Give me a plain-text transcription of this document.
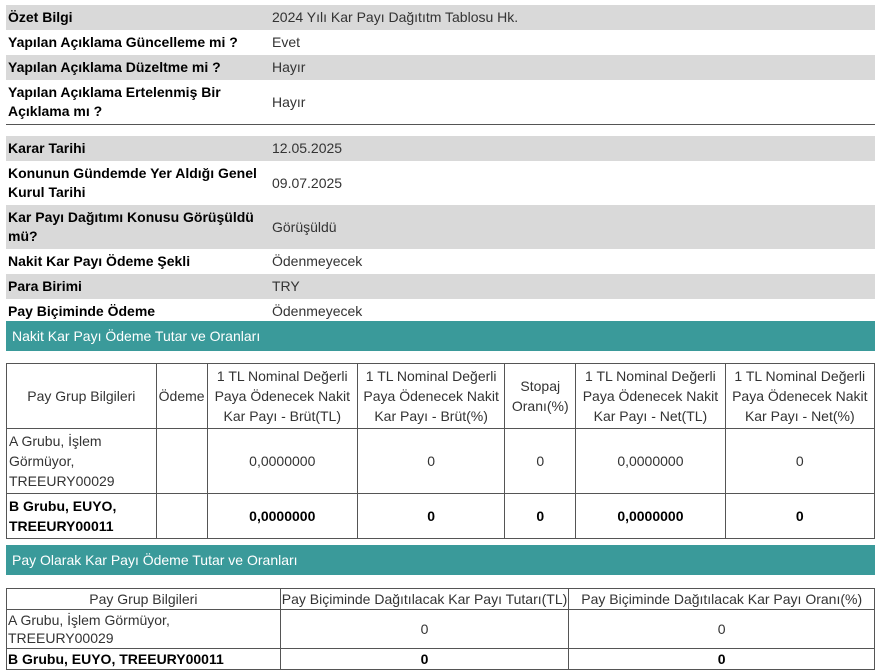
Özet Bilgi	2024 Yılı Kar Payı Dağıtıtm Tablosu Hk.
Yapılan Açıklama Güncelleme mi ?	Evet
Yapılan Açıklama Düzeltme mi ?	Hayır
Yapılan Açıklama Ertelenmiş Bir Açıklama mı ?	Hayır
Karar Tarihi	12.05.2025
Konunun Gündemde Yer Aldığı Genel Kurul Tarihi	09.07.2025
Kar Payı Dağıtımı Konusu Görüşüldü mü?	Görüşüldü
Nakit Kar Payı Ödeme Şekli	Ödenmeyecek
Para Birimi	TRY
Pay Biçiminde Ödeme	Ödenmeyecek
Nakit Kar Payı Ödeme Tutar ve Oranları
Pay Grup Bilgileri	Ödeme	1 TL Nominal Değerli Paya Ödenecek Nakit Kar Payı - Brüt(TL)	1 TL Nominal Değerli Paya Ödenecek Nakit Kar Payı - Brüt(%)	Stopaj Oranı(%)	1 TL Nominal Değerli Paya Ödenecek Nakit Kar Payı - Net(TL)	1 TL Nominal Değerli Paya Ödenecek Nakit Kar Payı - Net(%)
A Grubu, İşlem Görmüyor, TREEURY00029		0,0000000	0	0	0,0000000	0
B Grubu, EUYO, TREEURY00011		0,0000000	0	0	0,0000000	0
Pay Olarak Kar Payı Ödeme Tutar ve Oranları
Pay Grup Bilgileri	Pay Biçiminde Dağıtılacak Kar Payı Tutarı(TL)	Pay Biçiminde Dağıtılacak Kar Payı Oranı(%)
A Grubu, İşlem Görmüyor, TREEURY00029	0	0
B Grubu, EUYO, TREEURY00011	0	0
